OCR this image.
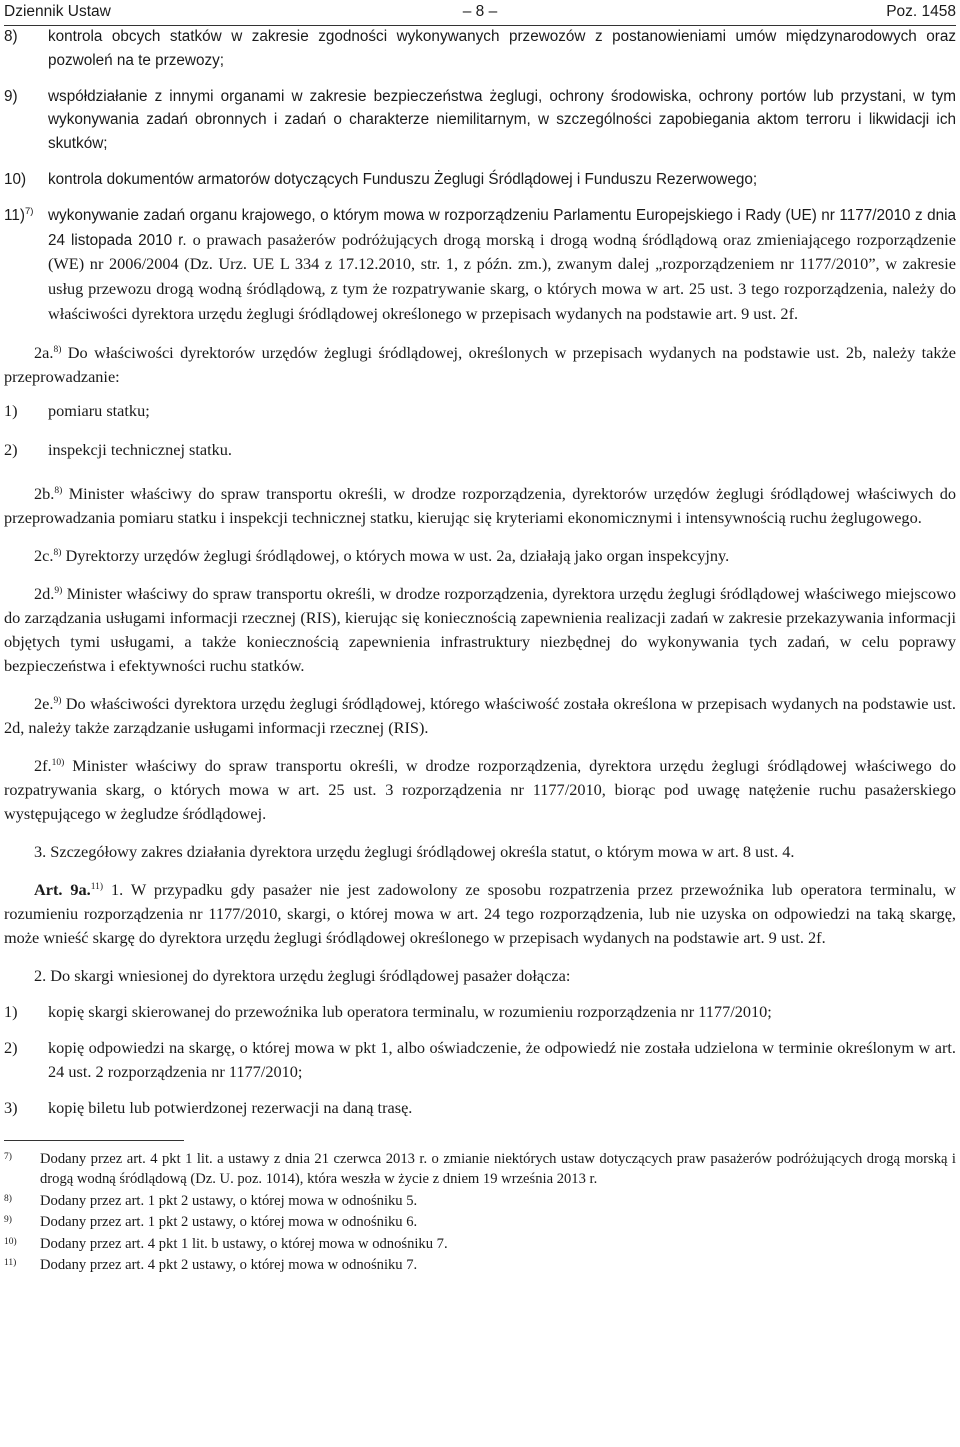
Dziennik Ustaw	– 8 –	Poz. 1458
8)	kontrola obcych statków w zakresie zgodności wykonywanych przewozów z postanowieniami umów międzynarodowych oraz pozwoleń na te przewozy;
9)	współdziałanie z innymi organami w zakresie bezpieczeństwa żeglugi, ochrony środowiska, ochrony portów lub przystani, w tym wykonywania zadań obronnych i zadań o charakterze niemilitarnym, w szczególności zapobiegania aktom terroru i likwidacji ich skutków;
10)	kontrola dokumentów armatorów dotyczących Funduszu Żeglugi Śródlądowej i Funduszu Rezerwowego;
11)$^{7)}$ wykonywanie zadań organu krajowego, o którym mowa w rozporządzeniu Parlamentu Europejskiego i Rady (UE) nr 1177/2010 z dnia 24 listopada 2010 r. o prawach pasażerów podróżujących drogą morską i drogą wodną śródlądową oraz zmieniającego rozporządzenie (WE) nr 2006/2004 (Dz. Urz. UE L 334 z 17.12.2010, str. 1, z późn. zm.), zwanym dalej „rozporządzeniem nr 1177/2010”, w zakresie usług przewozu drogą wodną śródlądową, z tym że rozpatrywanie skarg, o których mowa w art. 25 ust. 3 tego rozporządzenia, należy do właściwości dyrektora urzędu żeglugi śródlądowej określonego w przepisach wydanych na podstawie art. 9 ust. 2f.
2a.$^{8)}$ Do właściwości dyrektorów urzędów żeglugi śródlądowej, określonych w przepisach wydanych na podstawie ust. 2b, należy także przeprowadzanie:
1)	pomiaru statku;
2)	inspekcji technicznej statku.
2b.$^{8)}$ Minister właściwy do spraw transportu określi, w drodze rozporządzenia, dyrektorów urzędów żeglugi śródlądowej właściwych do przeprowadzania pomiaru statku i inspekcji technicznej statku, kierując się kryteriami ekonomicznymi i intensywnością ruchu żeglugowego.
2c.$^{8)}$ Dyrektorzy urzędów żeglugi śródlądowej, o których mowa w ust. 2a, działają jako organ inspekcyjny.
2d.$^{9)}$ Minister właściwy do spraw transportu określi, w drodze rozporządzenia, dyrektora urzędu żeglugi śródlądowej właściwego miejscowo do zarządzania usługami informacji rzecznej (RIS), kierując się koniecznością zapewnienia realizacji zadań w zakresie przekazywania informacji objętych tymi usługami, a także koniecznością zapewnienia infrastruktury niezbędnej do wykonywania tych zadań, w celu poprawy bezpieczeństwa i efektywności ruchu statków.
2e.$^{9)}$ Do właściwości dyrektora urzędu żeglugi śródlądowej, którego właściwość została określona w przepisach wydanych na podstawie ust. 2d, należy także zarządzanie usługami informacji rzecznej (RIS).
2f.$^{10)}$ Minister właściwy do spraw transportu określi, w drodze rozporządzenia, dyrektora urzędu żeglugi śródlądowej właściwego do rozpatrywania skarg, o których mowa w art. 25 ust. 3 rozporządzenia nr 1177/2010, biorąc pod uwagę natężenie ruchu pasażerskiego występującego w żegludze śródlądowej.
3. Szczegółowy zakres działania dyrektora urzędu żeglugi śródlądowej określa statut, o którym mowa w art. 8 ust. 4.
Art. 9a.$^{11)}$ 1. W przypadku gdy pasażer nie jest zadowolony ze sposobu rozpatrzenia przez przewoźnika lub operatora terminalu, w rozumieniu rozporządzenia nr 1177/2010, skargi, o której mowa w art. 24 tego rozporządzenia, lub nie uzyska on odpowiedzi na taką skargę, może wnieść skargę do dyrektora urzędu żeglugi śródlądowej określonego w przepisach wydanych na podstawie art. 9 ust. 2f.
2. Do skargi wniesionej do dyrektora urzędu żeglugi śródlądowej pasażer dołącza:
1)	kopię skargi skierowanej do przewoźnika lub operatora terminalu, w rozumieniu rozporządzenia nr 1177/2010;
2)	kopię odpowiedzi na skargę, o której mowa w pkt 1, albo oświadczenie, że odpowiedź nie została udzielona w terminie określonym w art. 24 ust. 2 rozporządzenia nr 1177/2010;
3)	kopię biletu lub potwierdzonej rezerwacji na daną trasę.
7)	Dodany przez art. 4 pkt 1 lit. a ustawy z dnia 21 czerwca 2013 r. o zmianie niektórych ustaw dotyczących praw pasażerów podróżujących drogą morską i drogą wodną śródlądową (Dz. U. poz. 1014), która weszła w życie z dniem 19 września 2013 r.
8)	Dodany przez art. 1 pkt 2 ustawy, o której mowa w odnośniku 5.
9)	Dodany przez art. 1 pkt 2 ustawy, o której mowa w odnośniku 6.
10)	Dodany przez art. 4 pkt 1 lit. b ustawy, o której mowa w odnośniku 7.
11)	Dodany przez art. 4 pkt 2 ustawy, o której mowa w odnośniku 7.
